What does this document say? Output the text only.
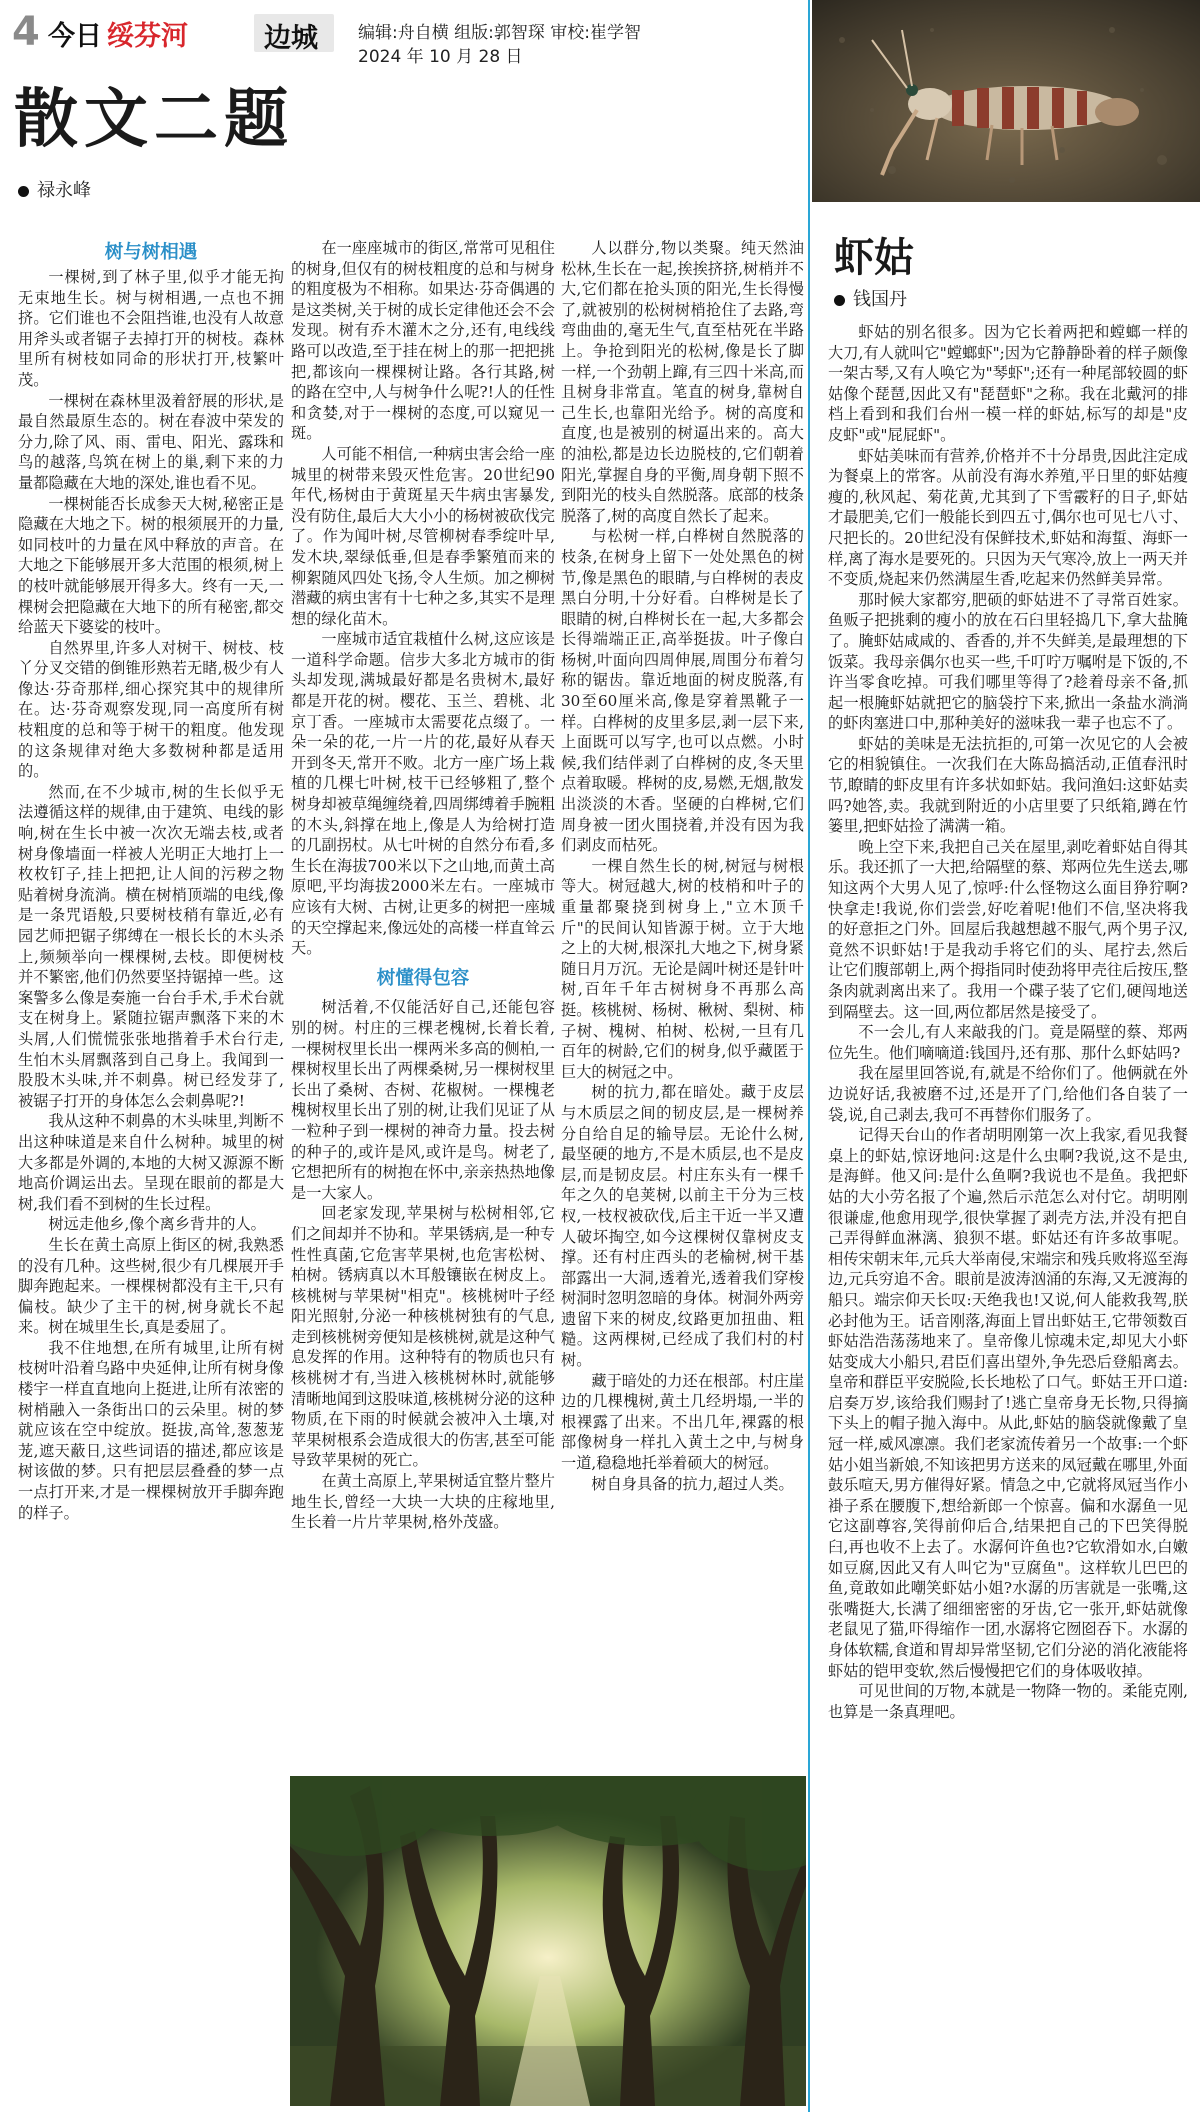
4 今日 绥芬河	边城 编辑:舟自横 组版:郭智琛 审校:崔学智
2024 年 10 月 28 日
散文二题
禄永峰
树与树相遇

一棵树,到了林子里,似乎才能无拘无束地生长。树与树相遇,一点也不拥挤。它们谁也不会阻挡谁,也没有人故意用斧头或者锯子去掉打开的树枝。森林里所有树枝如同命的形状打开,枝繁叶茂。

一棵树在森林里汲着舒展的形状,是最自然最原生态的。树在春波中荣发的分力,除了风、雨、雷电、阳光、露珠和鸟的越落,鸟筑在树上的巢,剩下来的力量都隐藏在大地的深处,谁也看不见。

一棵树能否长成参天大树,秘密正是隐藏在大地之下。树的根须展开的力量,如同枝叶的力量在风中释放的声音。在大地之下能够展开多大范围的根须,树上的枝叶就能够展开得多大。终有一天,一棵树会把隐藏在大地下的所有秘密,都交给蓝天下婆娑的枝叶。

自然界里,许多人对树干、树枝、枝丫分叉交错的倒锥形熟若无睹,极少有人像达·芬奇那样,细心探究其中的规律所在。达·芬奇观察发现,同一高度所有树枝粗度的总和等于树干的粗度。他发现的这条规律对绝大多数树种都是适用的。

然而,在不少城市,树的生长似乎无法遵循这样的规律,由于建筑、电线的影响,树在生长中被一次次无端去枝,或者树身像墙面一样被人光明正大地打上一枚枚钉子,挂上把把,让人间的污秽之物贴着树身流淌。横在树梢顶端的电线,像是一条咒语般,只要树枝稍有靠近,必有园艺师把锯子绑缚在一根长长的木头杀上,频频举向一棵棵树,去枝。即便树枝并不繁密,他们仍然要坚持锯掉一些。这案警多么像是奏施一台台手术,手术台就支在树身上。紧随拉锯声飘落下来的木头屑,人们慌慌张张地揩着手术台行走,生怕木头屑飘落到自己身上。我闻到一股股木头味,并不刺鼻。树已经发芽了,被锯子打开的身体怎么会刺鼻呢?!

我从这种不刺鼻的木头味里,判断不出这种味道是来自什么树种。城里的树大多都是外调的,本地的大树又源源不断地高价调运出去。呈现在眼前的都是大树,我们看不到树的生长过程。

树远走他乡,像个离乡背井的人。

生长在黄土高原上街区的树,我熟悉的没有几种。这些树,很少有几棵展开手脚奔跑起来。一棵棵树都没有主干,只有偏枝。缺少了主干的树,树身就长不起来。树在城里生长,真是委屈了。

我不住地想,在所有城里,让所有树枝树叶沿着乌路中央延伸,让所有树身像楼宇一样直直地向上挺进,让所有浓密的树梢融入一条街出口的云朵里。树的梦就应该在空中绽放。挺拔,高耸,葱葱茏茏,遮天蔽日,这些词语的描述,都应该是树该做的梦。只有把层层叠叠的梦一点一点打开来,才是一棵棵树放开手脚奔跑的样子。

在一座座城市的街区,常常可见租住的树身,但仅有的树枝粗度的总和与树身的粗度极为不相称。如果达·芬奇偶遇的是这类树,关于树的成长定律他还会不会发现。树有乔木灌木之分,还有,电线线路可以改造,至于挂在树上的那一把把挑把,都该向一棵棵树让路。各行其路,树的路在空中,人与树争什么呢?!人的任性和贪婪,对于一棵树的态度,可以窥见一斑。

人可能不相信,一种病虫害会给一座城里的树带来毁灭性危害。20世纪90年代,杨树由于黄斑星天牛病虫害暴发,没有防住,最后大大小小的杨树被砍伐完了。作为闻叶树,尽管柳树春季绽叶早,发木块,翠绿低垂,但是春季繁殖而来的柳絮随风四处飞扬,令人生烦。加之柳树潜藏的病虫害有十七种之多,其实不是理想的绿化苗木。

一座城市适宜栽植什么树,这应该是一道科学命题。信步大多北方城市的街头却发现,满城最好都是名贵树木,最好都是开花的树。樱花、玉兰、碧桃、北京丁香。一座城市太需要花点缀了。一朵一朵的花,一片一片的花,最好从春天开到冬天,常开不败。北方一座广场上栽植的几棵七叶树,枝干已经够粗了,整个树身却被草绳缠绕着,四周绑缚着手腕粗的木头,斜撑在地上,像是人为给树打造的几副拐杖。从七叶树的自然分布看,多生长在海拔700米以下之山地,而黄土高原吧,平均海拔2000米左右。一座城市应该有大树、古树,让更多的树把一座城的天空撑起来,像远处的高楼一样直耸云天。

树懂得包容

树活着,不仅能活好自己,还能包容别的树。村庄的三棵老槐树,长着长着,一棵树杈里长出一棵两米多高的侧柏,一棵树杈里长出了两棵桑树,另一棵树杈里长出了桑树、杏树、花椒树。一棵槐老槐树杈里长出了别的树,让我们见证了从一粒种子到一棵树的神奇力量。投去树的种子的,或许是风,或许是鸟。树老了,它想把所有的树抱在怀中,亲亲热热地像是一大家人。

回老家发现,苹果树与松树相邻,它们之间却并不协和。苹果锈病,是一种专性性真菌,它危害苹果树,也危害松树、柏树。锈病真以木耳般镶嵌在树皮上。核桃树与苹果树"相克"。核桃树叶子经阳光照射,分泌一种核桃树独有的气息,走到核桃树旁便知是核桃树,就是这种气息发挥的作用。这种特有的物质也只有核桃树才有,当进入核桃树林时,就能够清晰地闻到这股味道,核桃树分泌的这种物质,在下雨的时候就会被冲入土壤,对苹果树根系会造成很大的伤害,甚至可能导致苹果树的死亡。

在黄土高原上,苹果树适宜整片整片地生长,曾经一大块一大块的庄稼地里,生长着一片片苹果树,格外茂盛。

人以群分,物以类聚。纯天然油松林,生长在一起,挨挨挤挤,树梢并不大,它们都在抢头顶的阳光,生长得慢了,就被别的松树树梢抢住了去路,弯弯曲曲的,毫无生气,直至枯死在半路上。争抢到阳光的松树,像是长了脚一样,一个劲朝上蹿,有三四十米高,而且树身非常直。笔直的树身,靠树自己生长,也靠阳光给予。树的高度和直度,也是被别的树逼出来的。高大的油松,都是边长边脱枝的,它们朝着阳光,掌握自身的平衡,周身朝下照不到阳光的枝头自然脱落。底部的枝条脱落了,树的高度自然长了起来。

与松树一样,白桦树自然脱落的枝条,在树身上留下一处处黑色的树节,像是黑色的眼睛,与白桦树的表皮黑白分明,十分好看。白桦树是长了眼睛的树,白桦树长在一起,大多都会长得端端正正,高举挺拔。叶子像白杨树,叶面向四周伸展,周围分布着匀称的锯齿。靠近地面的树皮脱落,有30至60厘米高,像是穿着黑靴子一样。白桦树的皮里多层,剥一层下来,上面既可以写字,也可以点燃。小时候,我们结伴剥了白桦树的皮,冬天里点着取暖。桦树的皮,易燃,无烟,散发出淡淡的木香。坚硬的白桦树,它们周身被一团火围挠着,并没有因为我们剥皮而枯死。

一棵自然生长的树,树冠与树根等大。树冠越大,树的枝梢和叶子的重量都聚挠到树身上,"立木顶千斤"的民间认知皆源于树。立于大地之上的大树,根深扎大地之下,树身紧随日月万沉。无论是阔叶树还是针叶树,百年千年古树树身不再那么高挺。核桃树、杨树、楸树、梨树、柿子树、槐树、柏树、松树,一旦有几百年的树龄,它们的树身,似乎藏匿于巨大的树冠之中。

树的抗力,都在暗处。藏于皮层与木质层之间的韧皮层,是一棵树养分自给自足的输导层。无论什么树,最坚硬的地方,不是木质层,也不是皮层,而是韧皮层。村庄东头有一棵千年之久的皂荚树,以前主干分为三枝杈,一枝杈被砍伐,后主干近一半又遭人破坏掏空,如今这棵树仅靠树皮支撑。还有村庄西头的老榆树,树干基部露出一大洞,透着光,透着我们穿梭树洞时忽明忽暗的身体。树洞外两旁遗留下来的树皮,纹路更加扭曲、粗糙。这两棵树,已经成了我们村的村树。

藏于暗处的力还在根部。村庄崖边的几棵槐树,黄土几经坍塌,一半的根裸露了出来。不出几年,裸露的根部像树身一样扎入黄土之中,与树身一道,稳稳地托举着硕大的树冠。

树自身具备的抗力,超过人类。

虾姑
钱国丹

虾姑的别名很多。因为它长着两把和螳螂一样的大刀,有人就叫它"螳螂虾";因为它静静卧着的样子颇像一架古琴,又有人唤它为"琴虾";还有一种尾部较圆的虾姑像个琵琶,因此又有"琵琶虾"之称。我在北戴河的排档上看到和我们台州一模一样的虾姑,标写的却是"皮皮虾"或"屁屁虾"。

虾姑美味而有营养,价格并不十分昂贵,因此注定成为餐桌上的常客。从前没有海水养殖,平日里的虾姑瘦瘦的,秋风起、菊花黄,尤其到了下雪霰籽的日子,虾姑才最肥美,它们一般能长到四五寸,偶尔也可见七八寸、尺把长的。20世纪没有保鲜技术,虾姑和海蜇、海虾一样,离了海水是要死的。只因为天气寒冷,放上一两天并不变质,烧起来仍然满屋生香,吃起来仍然鲜美异常。

那时候大家都穷,肥硕的虾姑进不了寻常百姓家。鱼贩子把挑剩的瘦小的放在石臼里轻捣几下,拿大盐腌了。腌虾姑咸咸的、香香的,并不失鲜美,是最理想的下饭菜。我母亲偶尔也买一些,千叮咛万嘱咐是下饭的,不许当零食吃掉。可我们哪里等得了?趁着母亲不备,抓起一根腌虾姑就把它的脑袋拧下来,掀出一条盐水淌淌的虾肉塞进口中,那种美好的滋味我一辈子也忘不了。

虾姑的美味是无法抗拒的,可第一次见它的人会被它的相貌镇住。一次我们在大陈岛搞活动,正值春汛时节,瞭睛的虾皮里有许多状如虾姑。我问渔妇:这虾姑卖吗?她答,卖。我就到附近的小店里要了只纸箱,蹲在竹篓里,把虾姑捡了满满一箱。

晚上空下来,我把自己关在屋里,剥吃着虾姑自得其乐。我还抓了一大把,给隔壁的蔡、郑两位先生送去,哪知这两个大男人见了,惊呼:什么怪物这么面目狰狞啊?快拿走!我说,你们尝尝,好吃着呢!他们不信,坚决将我的好意拒之门外。回屋后我越想越不服气,两个男子汉,竟然不识虾姑!于是我动手将它们的头、尾拧去,然后让它们腹部朝上,两个拇指同时使劲将甲壳往后按压,整条肉就剥离出来了。我用一个碟子装了它们,硬闯地送到隔壁去。这一回,两位都居然是接受了。

不一会儿,有人来敲我的门。竟是隔壁的蔡、郑两位先生。他们嘀嘀道:钱国丹,还有那、那什么虾姑吗?

我在屋里回答说,有,就是不给你们了。他俩就在外边说好话,我被磨不过,还是开了门,给他们各自装了一袋,说,自己剥去,我可不再替你们服务了。

记得天台山的作者胡明刚第一次上我家,看见我餐桌上的虾姑,惊讶地问:这是什么虫啊?我说,这不是虫,是海鲜。他又问:是什么鱼啊?我说也不是鱼。我把虾姑的大小劳名报了个遍,然后示范怎么对付它。胡明刚很谦虚,他愈用现学,很快掌握了剥壳方法,并没有把自己弄得鲜血淋漓、狼狈不堪。虾姑还有许多故事呢。相传宋朝末年,元兵大举南侵,宋端宗和残兵败将巡至海边,元兵穷追不舍。眼前是波涛汹涌的东海,又无渡海的船只。端宗仰天长叹:天绝我也!又说,何人能救我驾,朕必封他为王。话音刚落,海面上冒出虾姑王,它带领数百虾姑浩浩荡荡地来了。皇帝像儿惊魂未定,却见大小虾姑变成大小船只,君臣们喜出望外,争先恐后登船离去。皇帝和群臣平安脱险,长长地松了口气。虾姑王开口道:启奏万岁,该给我们赐封了!逃亡皇帝身无长物,只得摘下头上的帽子抛入海中。从此,虾姑的脑袋就像戴了皇冠一样,威风凛凛。我们老家流传着另一个故事:一个虾姑小姐当新娘,不知该把男方送来的凤冠戴在哪里,外面鼓乐喧天,男方催得好紧。情急之中,它就将凤冠当作小褂子系在腰腹下,想给新郎一个惊喜。偏和水潺鱼一见它这副尊容,笑得前仰后合,结果把自己的下巴笑得脱臼,再也收不上去了。水潺何许鱼也?它软滑如水,白嫩如豆腐,因此又有人叫它为"豆腐鱼"。这样软儿巴巴的鱼,竟敢如此嘲笑虾姑小姐?水潺的历害就是一张嘴,这张嘴挺大,长满了细细密密的牙齿,它一张开,虾姑就像老鼠见了猫,吓得缩作一团,水潺将它囫囵吞下。水潺的身体软糯,食道和胃却异常坚韧,它们分泌的消化液能将虾姑的铠甲变软,然后慢慢把它们的身体吸收掉。

可见世间的万物,本就是一物降一物的。柔能克刚,也算是一条真理吧。
